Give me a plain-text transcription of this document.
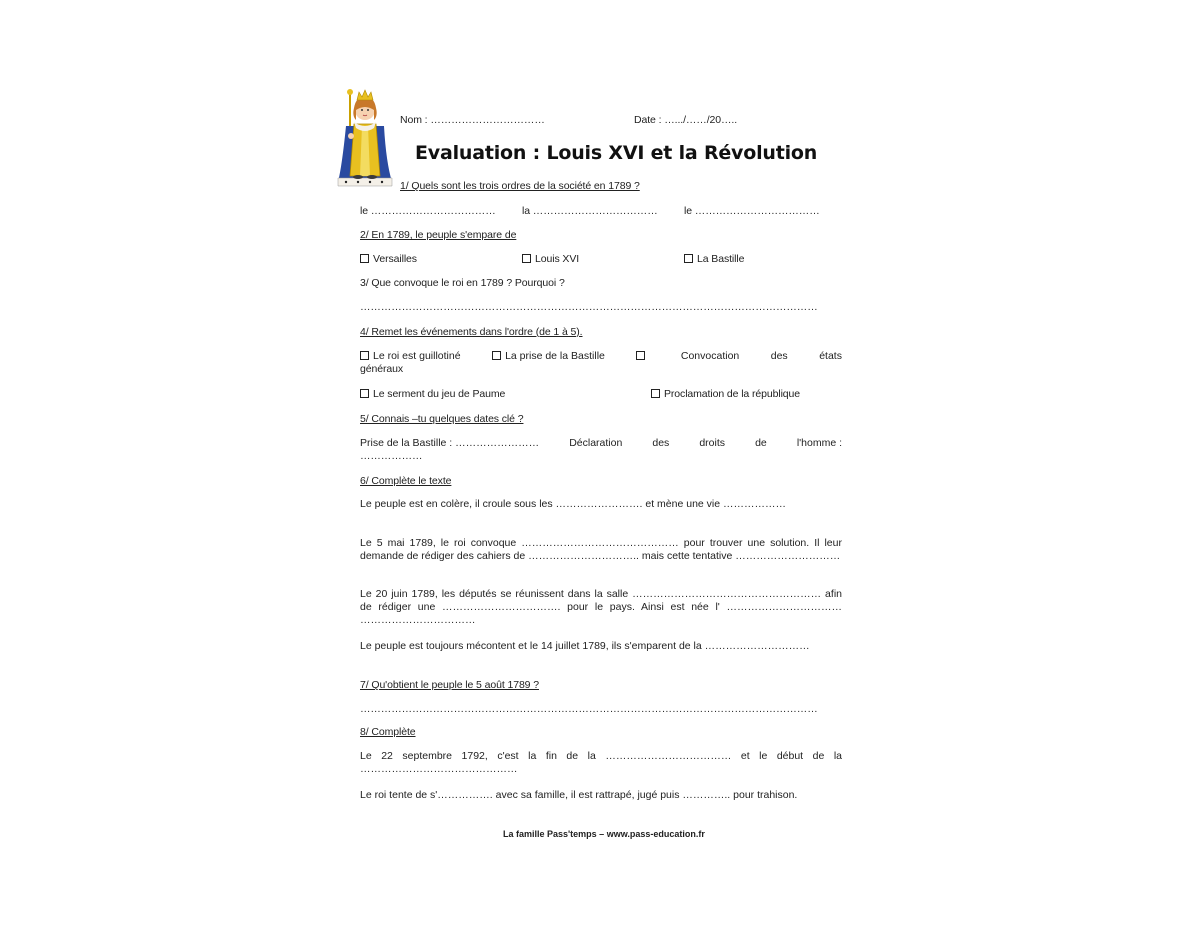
Nom : ……………………………	Date : ….../……/20…..
Evaluation : Louis XVI et la Révolution
1/ Quels sont les trois ordres de la société en 1789 ?
le ………………………………	la ………………………………	le ………………………………
2/ En 1789, le peuple s'empare de
Versailles	Louis XVI	La Bastille
3/ Que convoque le roi en 1789 ? Pourquoi ?
……………………………………………………………………………………………………………………
4/ Remet les événements dans l'ordre (de 1 à 5).
Le roi est guillotiné	La prise de la Bastille	Convocation	des	états
généraux
Le serment du jeu de Paume	Proclamation de la république
5/ Connais –tu quelques dates clé ?
Prise de la Bastille : ……………………	Déclaration	des	droits	de	l'homme :
………………
6/ Complète le texte
Le peuple est en colère, il croule sous les ……………………. et mène une vie ………………
Le 5 mai 1789, le roi convoque ……………………………………… pour trouver une solution. Il leur demande de rédiger des cahiers de ………………………….. mais cette tentative …………………………
Le 20 juin 1789, les députés se réunissent dans la salle ……………………………………………… afin de rédiger une ……………………………. pour le pays. Ainsi est née l' …………………………… ……………………………
Le peuple est toujours mécontent et le 14 juillet 1789, ils s'emparent de la …………………………
7/ Qu'obtient le peuple le 5 août 1789 ?
……………………………………………………………………………………………………………………
8/ Complète
Le 22 septembre 1792, c'est la fin de la ……………………………… et le début de la ………………………………………
Le roi tente de s'……………. avec sa famille, il est rattrapé, jugé puis ………….. pour trahison.
La famille Pass'temps – www.pass-education.fr
